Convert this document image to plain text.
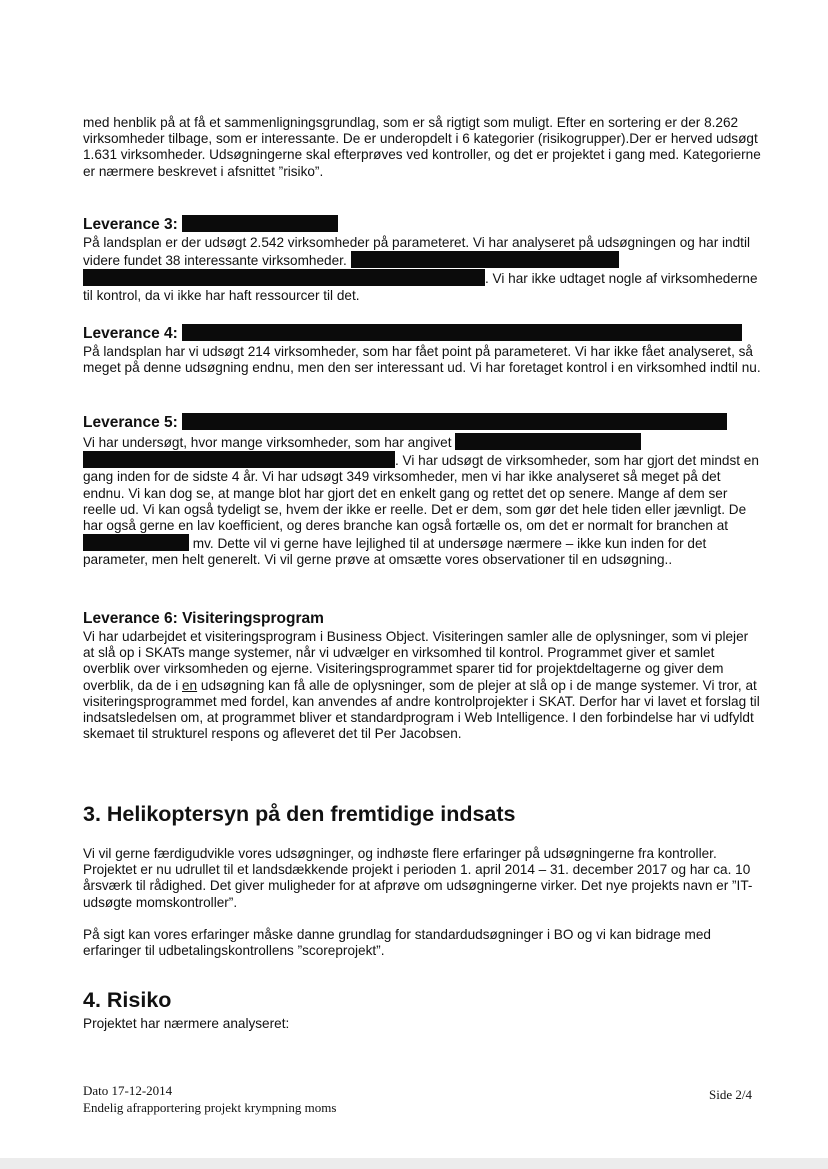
med henblik på at få et sammenligningsgrundlag, som er så rigtigt som muligt. Efter en sortering er der 8.262 virksomheder tilbage, som er interessante. De er underopdelt i 6 kategorier (risikogrupper).Der er herved udsøgt 1.631 virksomheder. Udsøgningerne skal efterprøves ved kontroller, og det er projektet i gang med. Kategorierne er nærmere beskrevet i afsnittet ”risiko”.

Leverance 3:

På landsplan er der udsøgt 2.542 virksomheder på parameteret. Vi har analyseret på udsøgningen og har indtil videre fundet 38 interessante virksomheder.  . Vi har ikke udtaget nogle af virksomhederne til kontrol, da vi ikke har haft ressourcer til det.

Leverance 4:

På landsplan har vi udsøgt 214 virksomheder, som har fået point på parameteret. Vi har ikke fået analyseret, så meget på denne udsøgning endnu, men den ser interessant ud. Vi har foretaget kontrol i en virksomhed indtil nu.

Leverance 5:

Vi har undersøgt, hvor mange virksomheder, som har angivet  . Vi har udsøgt de virksomheder, som har gjort det mindst en gang inden for de sidste 4 år. Vi har udsøgt 349 virksomheder, men vi har ikke analyseret så meget på det endnu. Vi kan dog se, at mange blot har gjort det en enkelt gang og rettet det op senere. Mange af dem ser reelle ud. Vi kan også tydeligt se, hvem der ikke er reelle. Det er dem, som gør det hele tiden eller jævnligt. De har også gerne en lav koefficient, og deres branche kan også fortælle os, om det er normalt for branchen at  mv. Dette vil vi gerne have lejlighed til at undersøge nærmere – ikke kun inden for det parameter, men helt generelt. Vi vil gerne prøve at omsætte vores observationer til en udsøgning..

Leverance 6: Visiteringsprogram

Vi har udarbejdet et visiteringsprogram i Business Object. Visiteringen samler alle de oplysninger, som vi plejer at slå op i SKATs mange systemer, når vi udvælger en virksomhed til kontrol. Programmet giver et samlet overblik over virksomheden og ejerne. Visiteringsprogrammet sparer tid for projektdeltagerne og giver dem overblik, da de i en udsøgning kan få alle de oplysninger, som de plejer at slå op i de mange systemer. Vi tror, at visiteringsprogrammet med fordel, kan anvendes af andre kontrolprojekter i SKAT. Derfor har vi lavet et forslag til indsatsledelsen om, at programmet bliver et standardprogram i Web Intelligence. I den forbindelse har vi udfyldt skemaet til strukturel respons og afleveret det til Per Jacobsen.

3. Helikoptersyn på den fremtidige indsats

Vi vil gerne færdigudvikle vores udsøgninger, og indhøste flere erfaringer på udsøgningerne fra kontroller. Projektet er nu udrullet til et landsdækkende projekt i perioden 1. april 2014 – 31. december 2017 og har ca. 10 årsværk til rådighed. Det giver muligheder for at afprøve om udsøgningerne virker. Det nye projekts navn er ”IT-udsøgte momskontroller”.

På sigt kan vores erfaringer måske danne grundlag for standardudsøgninger i BO og vi kan bidrage med erfaringer til udbetalingskontrollens ”scoreprojekt”.

4. Risiko

Projektet har nærmere analyseret:

Dato 17-12-2014
Endelig afrapportering projekt krympning moms
Side 2/4
